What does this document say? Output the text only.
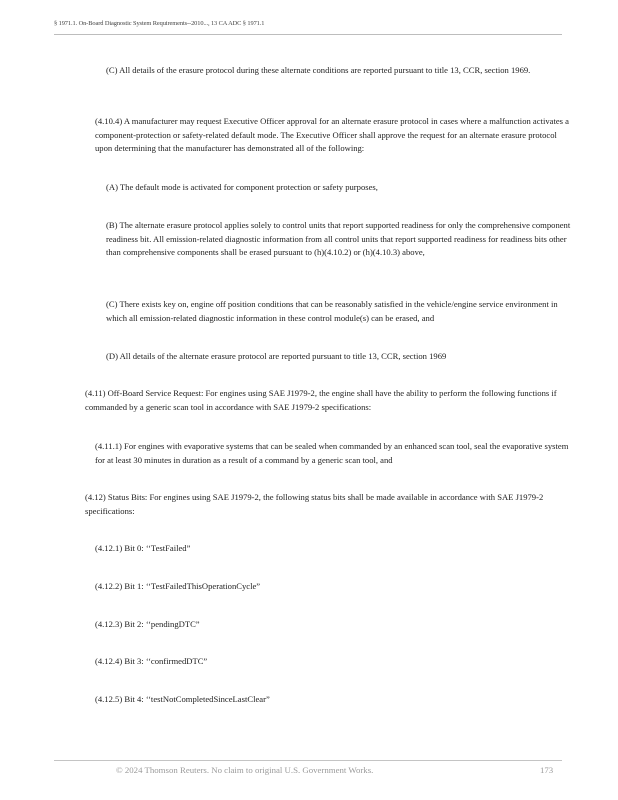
§ 1971.1. On-Board Diagnostic System Requirements--2010..., 13 CA ADC § 1971.1

(C) All details of the erasure protocol during these alternate conditions are reported pursuant to title 13, CCR, section 1969.

(4.10.4) A manufacturer may request Executive Officer approval for an alternate erasure protocol in cases where a malfunction activates a component-protection or safety-related default mode. The Executive Officer shall approve the request for an alternate erasure protocol upon determining that the manufacturer has demonstrated all of the following:

(A) The default mode is activated for component protection or safety purposes,

(B) The alternate erasure protocol applies solely to control units that report supported readiness for only the comprehensive component readiness bit. All emission-related diagnostic information from all control units that report supported readiness for readiness bits other than comprehensive components shall be erased pursuant to (h)(4.10.2) or (h)(4.10.3) above,

(C) There exists key on, engine off position conditions that can be reasonably satisfied in the vehicle/engine service environment in which all emission-related diagnostic information in these control module(s) can be erased, and

(D) All details of the alternate erasure protocol are reported pursuant to title 13, CCR, section 1969

(4.11) Off-Board Service Request: For engines using SAE J1979-2, the engine shall have the ability to perform the following functions if commanded by a generic scan tool in accordance with SAE J1979-2 specifications:

(4.11.1) For engines with evaporative systems that can be sealed when commanded by an enhanced scan tool, seal the evaporative system for at least 30 minutes in duration as a result of a command by a generic scan tool, and

(4.12) Status Bits: For engines using SAE J1979-2, the following status bits shall be made available in accordance with SAE J1979-2 specifications:

(4.12.1) Bit 0: ‘‘TestFailed”

(4.12.2) Bit 1: ‘‘TestFailedThisOperationCycle”

(4.12.3) Bit 2: ‘‘pendingDTC”

(4.12.4) Bit 3: ‘‘confirmedDTC”

(4.12.5) Bit 4: ‘‘testNotCompletedSinceLastClear”

© 2024 Thomson Reuters. No claim to original U.S. Government Works.	173
